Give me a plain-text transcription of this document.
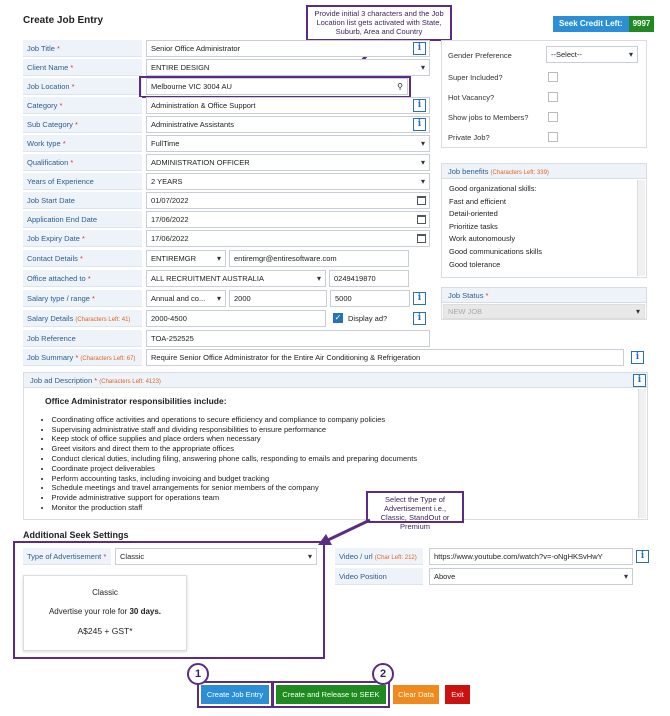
Create Job Entry	Seek Credit Left:	9997
Provide initial 3 characters and the Job Location list gets activated with State, Suburb, Area and Country
Job Title *	Senior Office Administrator
i
Client Name *	ENTIRE DESIGN ▾
Job Location *	Melbourne VIC 3004 AU	⚲
Category *	Administration & Office Support ▾
i
Sub Category *	Administrative Assistants ▾
i
Work type *	FullTime ▾
Qualification *	ADMINISTRATION OFFICER ▾
Years of Experience	2 YEARS ▾
Job Start Date	01/07/2022
Application End Date	17/06/2022
Job Expiry Date *	17/06/2022
Contact Details *	ENTIREMGR ▾	entiremgr@entiresoftware.com
Office attached to *	ALL RECRUITMENT AUSTRALIA ▾	0249419870
Salary type / range *	Annual and co... ▾	2000	5000
i
Salary Details (Characters Left: 41)	2000-4500	✓ Display ad?
i
Job Reference	TOA-252525
Job Summary * (Characters Left: 67)	Require Senior Office Administrator for the Entire Air Conditioning & Refrigeration
i
Gender Preference	--Select-- ▾
Super Included?
Hot Vacancy?
Show jobs to Members?
Private Job?
Job benefits (Characters Left: 339)
Good organizational skills:
Fast and efficient
Detail-oriented
Prioritize tasks
Work autonomously
Good communications skills
Good tolerance
Job Status *
NEW JOB ▾
Job ad Description * (Characters Left: 4123)
i
Office Administrator responsibilities include:
• Coordinating office activities and operations to secure efficiency and compliance to company policies
• Supervising administrative staff and dividing responsibilities to ensure performance
• Keep stock of office supplies and place orders when necessary
• Greet visitors and direct them to the appropriate offices
• Conduct clerical duties, including filing, answering phone calls, responding to emails and preparing documents
• Coordinate project deliverables
• Perform accounting tasks, including invoicing and budget tracking
• Schedule meetings and travel arrangements for senior members of the company
• Provide administrative support for operations team
• Monitor the production staff
Select the Type of Advertisement i.e., Classic, StandOut or Premium
Additional Seek Settings
Type of Advertisement *	Classic ▾
Classic
Advertise your role for 30 days.
A$245 + GST*
Video / url (Char Left: 212)	https://www.youtube.com/watch?v=-oNgHKSvHwY
i
Video Position	Above ▾
Create Job Entry	Create and Release to SEEK	Clear Data	Exit
1	2
